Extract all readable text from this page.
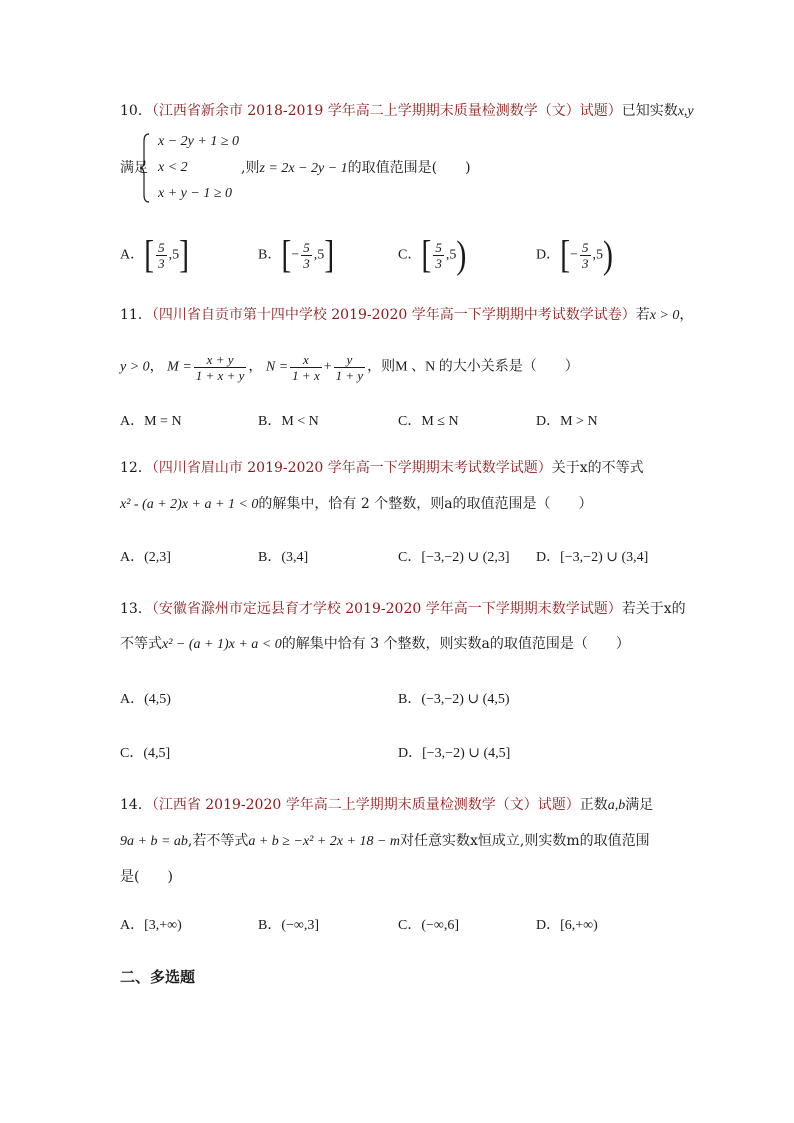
10．（江西省新余市 2018-2019 学年高二上学期期末质量检测数学（文）试题）已知实数x,y
满足
x − 2y + 1 ≥ 0
x < 2
x + y − 1 ≥ 0
,则z = 2x − 2y − 1的取值范围是(　　)
A．[ $\frac{5}{3} ,5$]	B．[− $\frac{5}{3} ,5$]	C．[ $\frac{5}{3} ,5$)	D．[− $\frac{5}{3} ,5$)
11．（四川省自贡市第十四中学校 2019-2020 学年高一下学期期中考试数学试卷）若x > 0，
y > 0， $M = \frac{x + y}{1 + x + y}$ ， $N = \frac{x}{1 + x} + \frac{y}{1 + y}$ ，则M 、N 的大小关系是（　　）
A．M = N	B．M < N	C．M ≤ N	D．M > N
12．（四川省眉山市 2019-2020 学年高一下学期期末考试数学试题）关于x的不等式
x² - (a + 2)x + a + 1 < 0的解集中，恰有 2 个整数，则a的取值范围是（　　）
A．(2,3]	B．(3,4]	C．[−3,−2) ∪ (2,3] D．[−3,−2) ∪ (3,4]
13．（安徽省滁州市定远县育才学校 2019-2020 学年高一下学期期末数学试题）若关于x的
不等式x² − (a + 1)x + a < 0的解集中恰有 3 个整数，则实数a的取值范围是（　　）
A．(4,5)	B．(−3,−2) ∪ (4,5)
C．(4,5]	D．[−3,−2) ∪ (4,5]
14．（江西省 2019-2020 学年高二上学期期末质量检测数学（文）试题）正数a,b满足
9a + b = ab,若不等式a + b ≥ −x² + 2x + 18 − m对任意实数x恒成立,则实数m的取值范围
是(　　)
A．[3,+∞)	B．(−∞,3]	C．(−∞,6]	D．[6,+∞)
二、多选题
